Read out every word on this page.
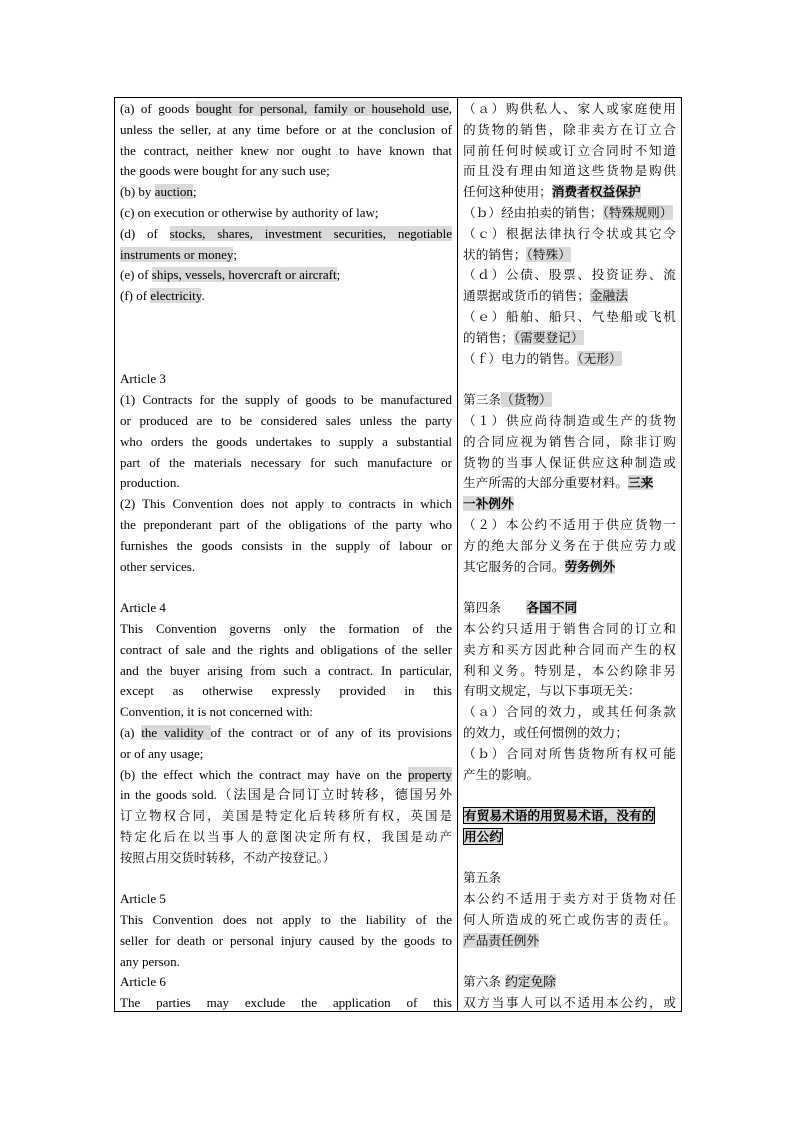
(a) of goods bought for personal, family or household use,
unless the seller, at any time before or at the conclusion of
the contract, neither knew nor ought to have known that
the goods were bought for any such use;
(b) by auction;
(c) on execution or otherwise by authority of law;
(d) of stocks, shares, investment securities, negotiable
instruments or money;
(e) of ships, vessels, hovercraft or aircraft;
(f) of electricity.
Article 3
(1) Contracts for the supply of goods to be manufactured
or produced are to be considered sales unless the party
who orders the goods undertakes to supply a substantial
part of the materials necessary for such manufacture or
production.
(2) This Convention does not apply to contracts in which
the preponderant part of the obligations of the party who
furnishes the goods consists in the supply of labour or
other services.
Article 4
This Convention governs only the formation of the
contract of sale and the rights and obligations of the seller
and the buyer arising from such a contract. In particular,
except as otherwise expressly provided in this
Convention, it is not concerned with:
(a) the validity of the contract or of any of its provisions
or of any usage;
(b) the effect which the contract may have on the property
in the goods sold.（法国是合同订立时转移，德国另外
订立物权合同，美国是特定化后转移所有权，英国是
特定化后在以当事人的意图决定所有权，我国是动产
按照占用交货时转移，不动产按登记。）
Article 5
This Convention does not apply to the liability of the
seller for death or personal injury caused by the goods to
any person.
Article 6
The parties may exclude the application of this
（ａ）购供私人、家人或家庭使用
的货物的销售，除非卖方在订立合
同前任何时候或订立合同时不知道
而且没有理由知道这些货物是购供
任何这种使用；消费者权益保护
（ｂ）经由拍卖的销售；（特殊规则）
（ｃ）根据法律执行令状或其它令
状的销售；（特殊）
（ｄ）公债、股票、投资证券、流
通票据或货币的销售；金融法
（ｅ）船舶、船只、气垫船或飞机
的销售；（需要登记）
（ｆ）电力的销售。（无形）
第三条（货物）
（１）供应尚待制造或生产的货物
的合同应视为销售合同，除非订购
货物的当事人保证供应这种制造或
生产所需的大部分重要材料。三来
一补例外
（２）本公约不适用于供应货物一
方的绝大部分义务在于供应劳力或
其它服务的合同。劳务例外
第四条　　各国不同
本公约只适用于销售合同的订立和
卖方和买方因此种合同而产生的权
利和义务。特别是，本公约除非另
有明文规定，与以下事项无关：
（ａ）合同的效力，或其任何条款
的效力，或任何惯例的效力；
（ｂ）合同对所售货物所有权可能
产生的影响。
有贸易术语的用贸易术语，没有的
用公约
第五条
本公约不适用于卖方对于货物对任
何人所造成的死亡或伤害的责任。
产品责任例外
第六条 约定免除
双方当事人可以不适用本公约，或
